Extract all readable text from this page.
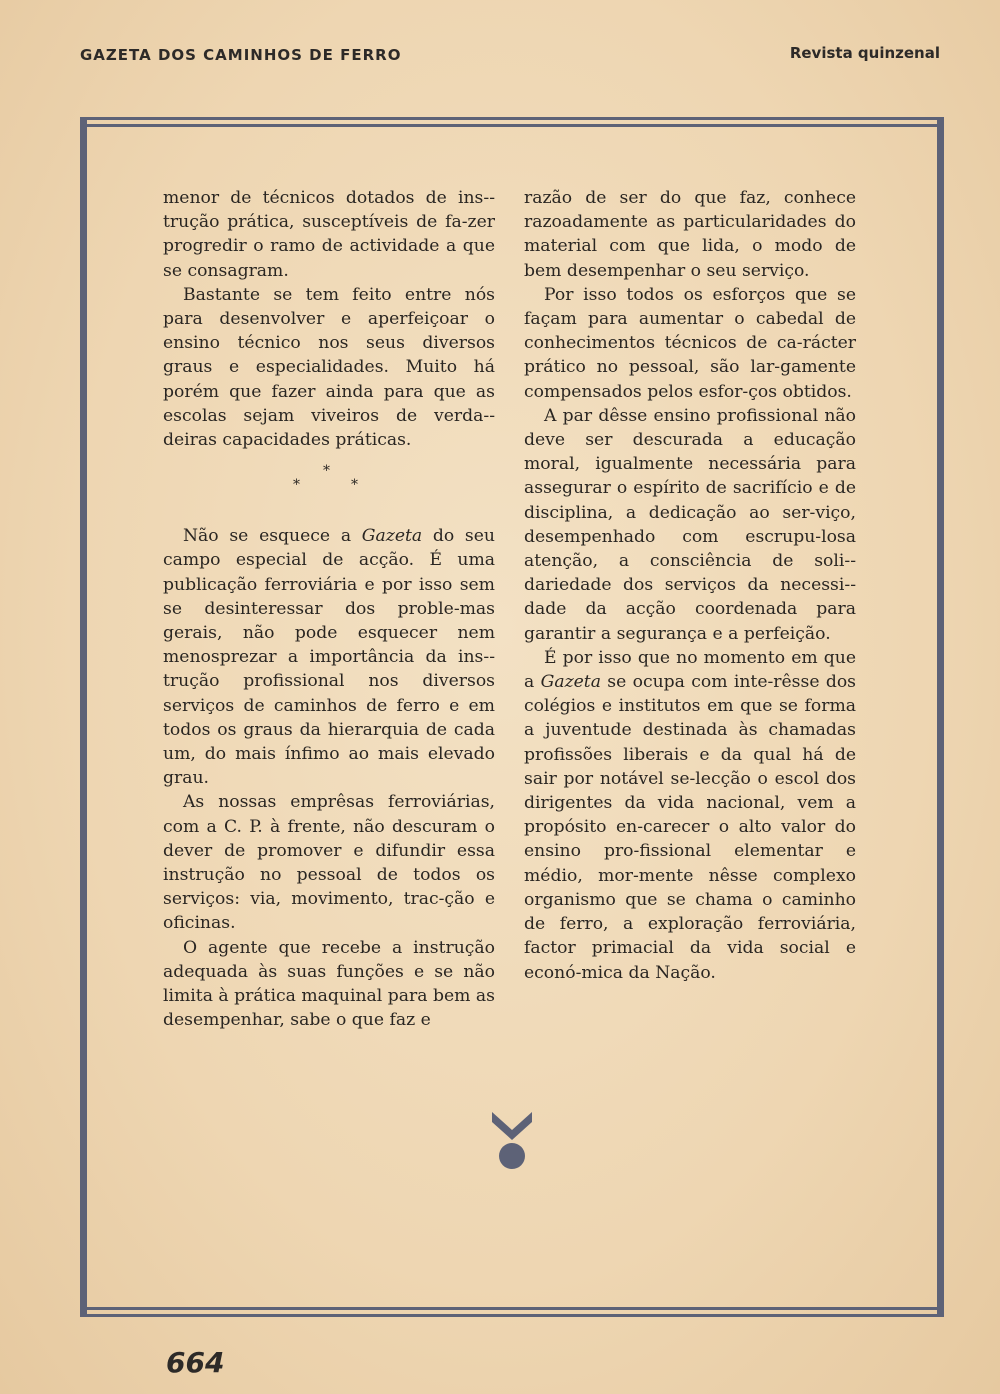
GAZETA DOS CAMINHOS DE FERRO	Revista quinzenal

menor de técnicos dotados de ins-trução prática, susceptíveis de fa-zer progredir o ramo de actividade a que se consagram.

Bastante se tem feito entre nós para desenvolver e aperfeiçoar o ensino técnico nos seus diversos graus e especialidades. Muito há porém que fazer ainda para que as escolas sejam viveiros de verda-deiras capacidades práticas.

*
*	*

Não se esquece a Gazeta do seu campo especial de acção. É uma publicação ferroviária e por isso sem se desinteressar dos proble-mas gerais, não pode esquecer nem menosprezar a importância da ins-trução profissional nos diversos serviços de caminhos de ferro e em todos os graus da hierarquia de cada um, do mais ínfimo ao mais elevado grau.

As nossas emprêsas ferroviárias, com a C. P. à frente, não descuram o dever de promover e difundir essa instrução no pessoal de todos os serviços: via, movimento, trac-ção e oficinas.

O agente que recebe a instrução adequada às suas funções e se não limita à prática maquinal para bem as desempenhar, sabe o que faz e

razão de ser do que faz, conhece razoadamente as particularidades do material com que lida, o modo de bem desempenhar o seu serviço.

Por isso todos os esforços que se façam para aumentar o cabedal de conhecimentos técnicos de ca-rácter prático no pessoal, são lar-gamente compensados pelos esfor-ços obtidos.

A par dêsse ensino profissional não deve ser descurada a educação moral, igualmente necessária para assegurar o espírito de sacrifício e de disciplina, a dedicação ao ser-viço, desempenhado com escrupu-losa atenção, a consciência de soli-dariedade dos serviços da necessi-dade da acção coordenada para garantir a segurança e a perfeição.

É por isso que no momento em que a Gazeta se ocupa com inte-rêsse dos colégios e institutos em que se forma a juventude destinada às chamadas profissões liberais e da qual há de sair por notável se-lecção o escol dos dirigentes da vida nacional, vem a propósito en-carecer o alto valor do ensino pro-fissional elementar e médio, mor-mente nêsse complexo organismo que se chama o caminho de ferro, a exploração ferroviária, factor primacial da vida social e econó-mica da Nação.

664
